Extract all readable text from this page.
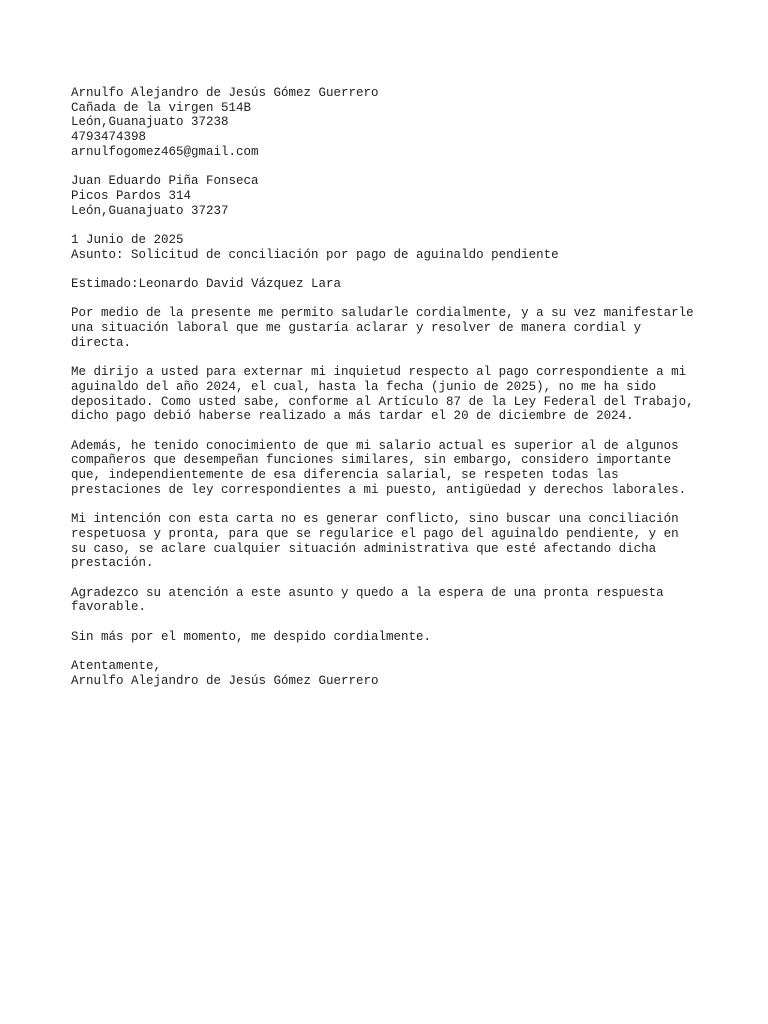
Arnulfo Alejandro de Jesús Gómez Guerrero
Cañada de la virgen 514B
León,Guanajuato 37238
4793474398
arnulfogomez465@gmail.com
Juan Eduardo Piña Fonseca
Picos Pardos 314
León,Guanajuato 37237
1 Junio de 2025
Asunto: Solicitud de conciliación por pago de aguinaldo pendiente
Estimado:Leonardo David Vázquez Lara
Por medio de la presente me permito saludarle cordialmente, y a su vez manifestarle
una situación laboral que me gustaría aclarar y resolver de manera cordial y
directa.
Me dirijo a usted para externar mi inquietud respecto al pago correspondiente a mi
aguinaldo del año 2024, el cual, hasta la fecha (junio de 2025), no me ha sido
depositado. Como usted sabe, conforme al Artículo 87 de la Ley Federal del Trabajo,
dicho pago debió haberse realizado a más tardar el 20 de diciembre de 2024.
Además, he tenido conocimiento de que mi salario actual es superior al de algunos
compañeros que desempeñan funciones similares, sin embargo, considero importante
que, independientemente de esa diferencia salarial, se respeten todas las
prestaciones de ley correspondientes a mi puesto, antigüedad y derechos laborales.
Mi intención con esta carta no es generar conflicto, sino buscar una conciliación
respetuosa y pronta, para que se regularice el pago del aguinaldo pendiente, y en
su caso, se aclare cualquier situación administrativa que esté afectando dicha
prestación.
Agradezco su atención a este asunto y quedo a la espera de una pronta respuesta
favorable.
Sin más por el momento, me despido cordialmente.
Atentamente,
Arnulfo Alejandro de Jesús Gómez Guerrero
